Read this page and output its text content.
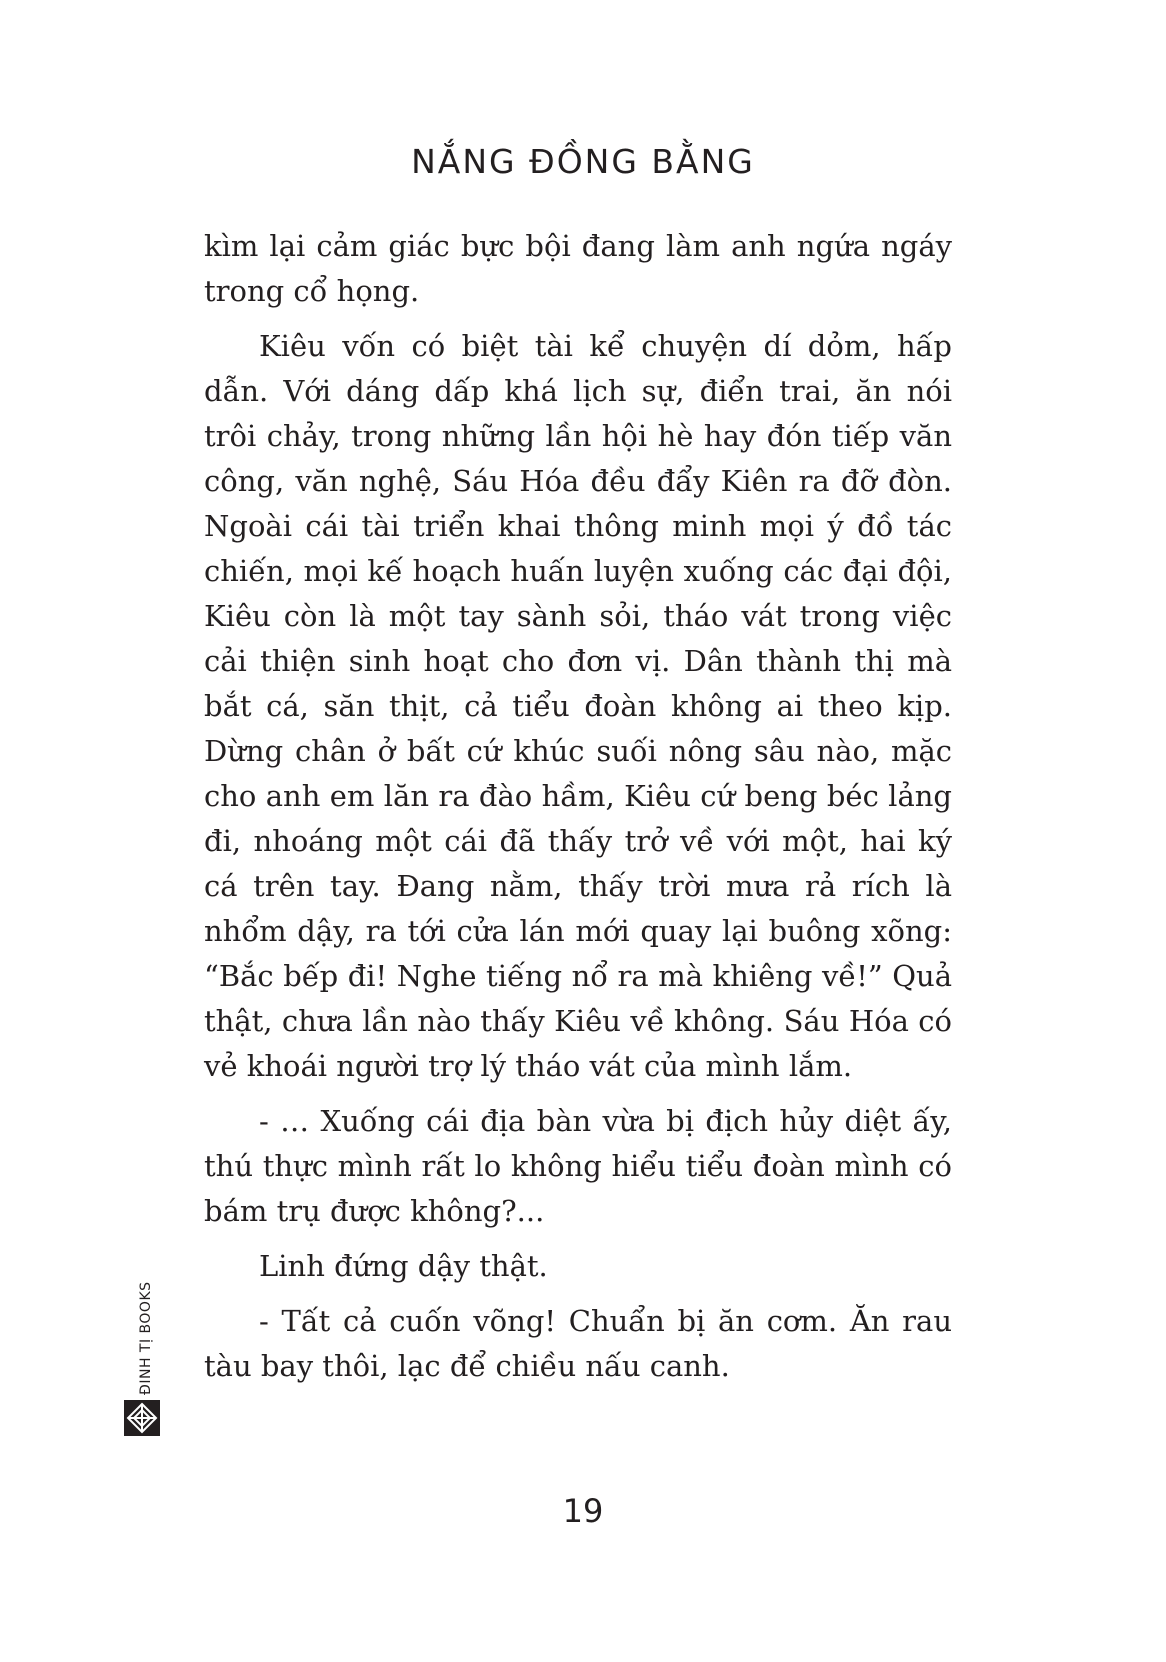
NẮNG ĐỒNG BẰNG

kìm lại cảm giác bực bội đang làm anh ngứa ngáy trong cổ họng.

Kiêu vốn có biệt tài kể chuyện dí dỏm, hấp dẫn. Với dáng dấp khá lịch sự, điển trai, ăn nói trôi chảy, trong những lần hội hè hay đón tiếp văn công, văn nghệ, Sáu Hóa đều đẩy Kiên ra đỡ đòn. Ngoài cái tài triển khai thông minh mọi ý đồ tác chiến, mọi kế hoạch huấn luyện xuống các đại đội, Kiêu còn là một tay sành sỏi, tháo vát trong việc cải thiện sinh hoạt cho đơn vị. Dân thành thị mà bắt cá, săn thịt, cả tiểu đoàn không ai theo kịp. Dừng chân ở bất cứ khúc suối nông sâu nào, mặc cho anh em lăn ra đào hầm, Kiêu cứ beng béc lảng đi, nhoáng một cái đã thấy trở về với một, hai ký cá trên tay. Đang nằm, thấy trời mưa rả rích là nhổm dậy, ra tới cửa lán mới quay lại buông xõng: “Bắc bếp đi! Nghe tiếng nổ ra mà khiêng về!” Quả thật, chưa lần nào thấy Kiêu về không. Sáu Hóa có vẻ khoái người trợ lý tháo vát của mình lắm.

- … Xuống cái địa bàn vừa bị địch hủy diệt ấy, thú thực mình rất lo không hiểu tiểu đoàn mình có bám trụ được không?...

Linh đứng dậy thật.

- Tất cả cuốn võng! Chuẩn bị ăn cơm. Ăn rau tàu bay thôi, lạc để chiều nấu canh.

ĐINH TỊ BOOKS
19
